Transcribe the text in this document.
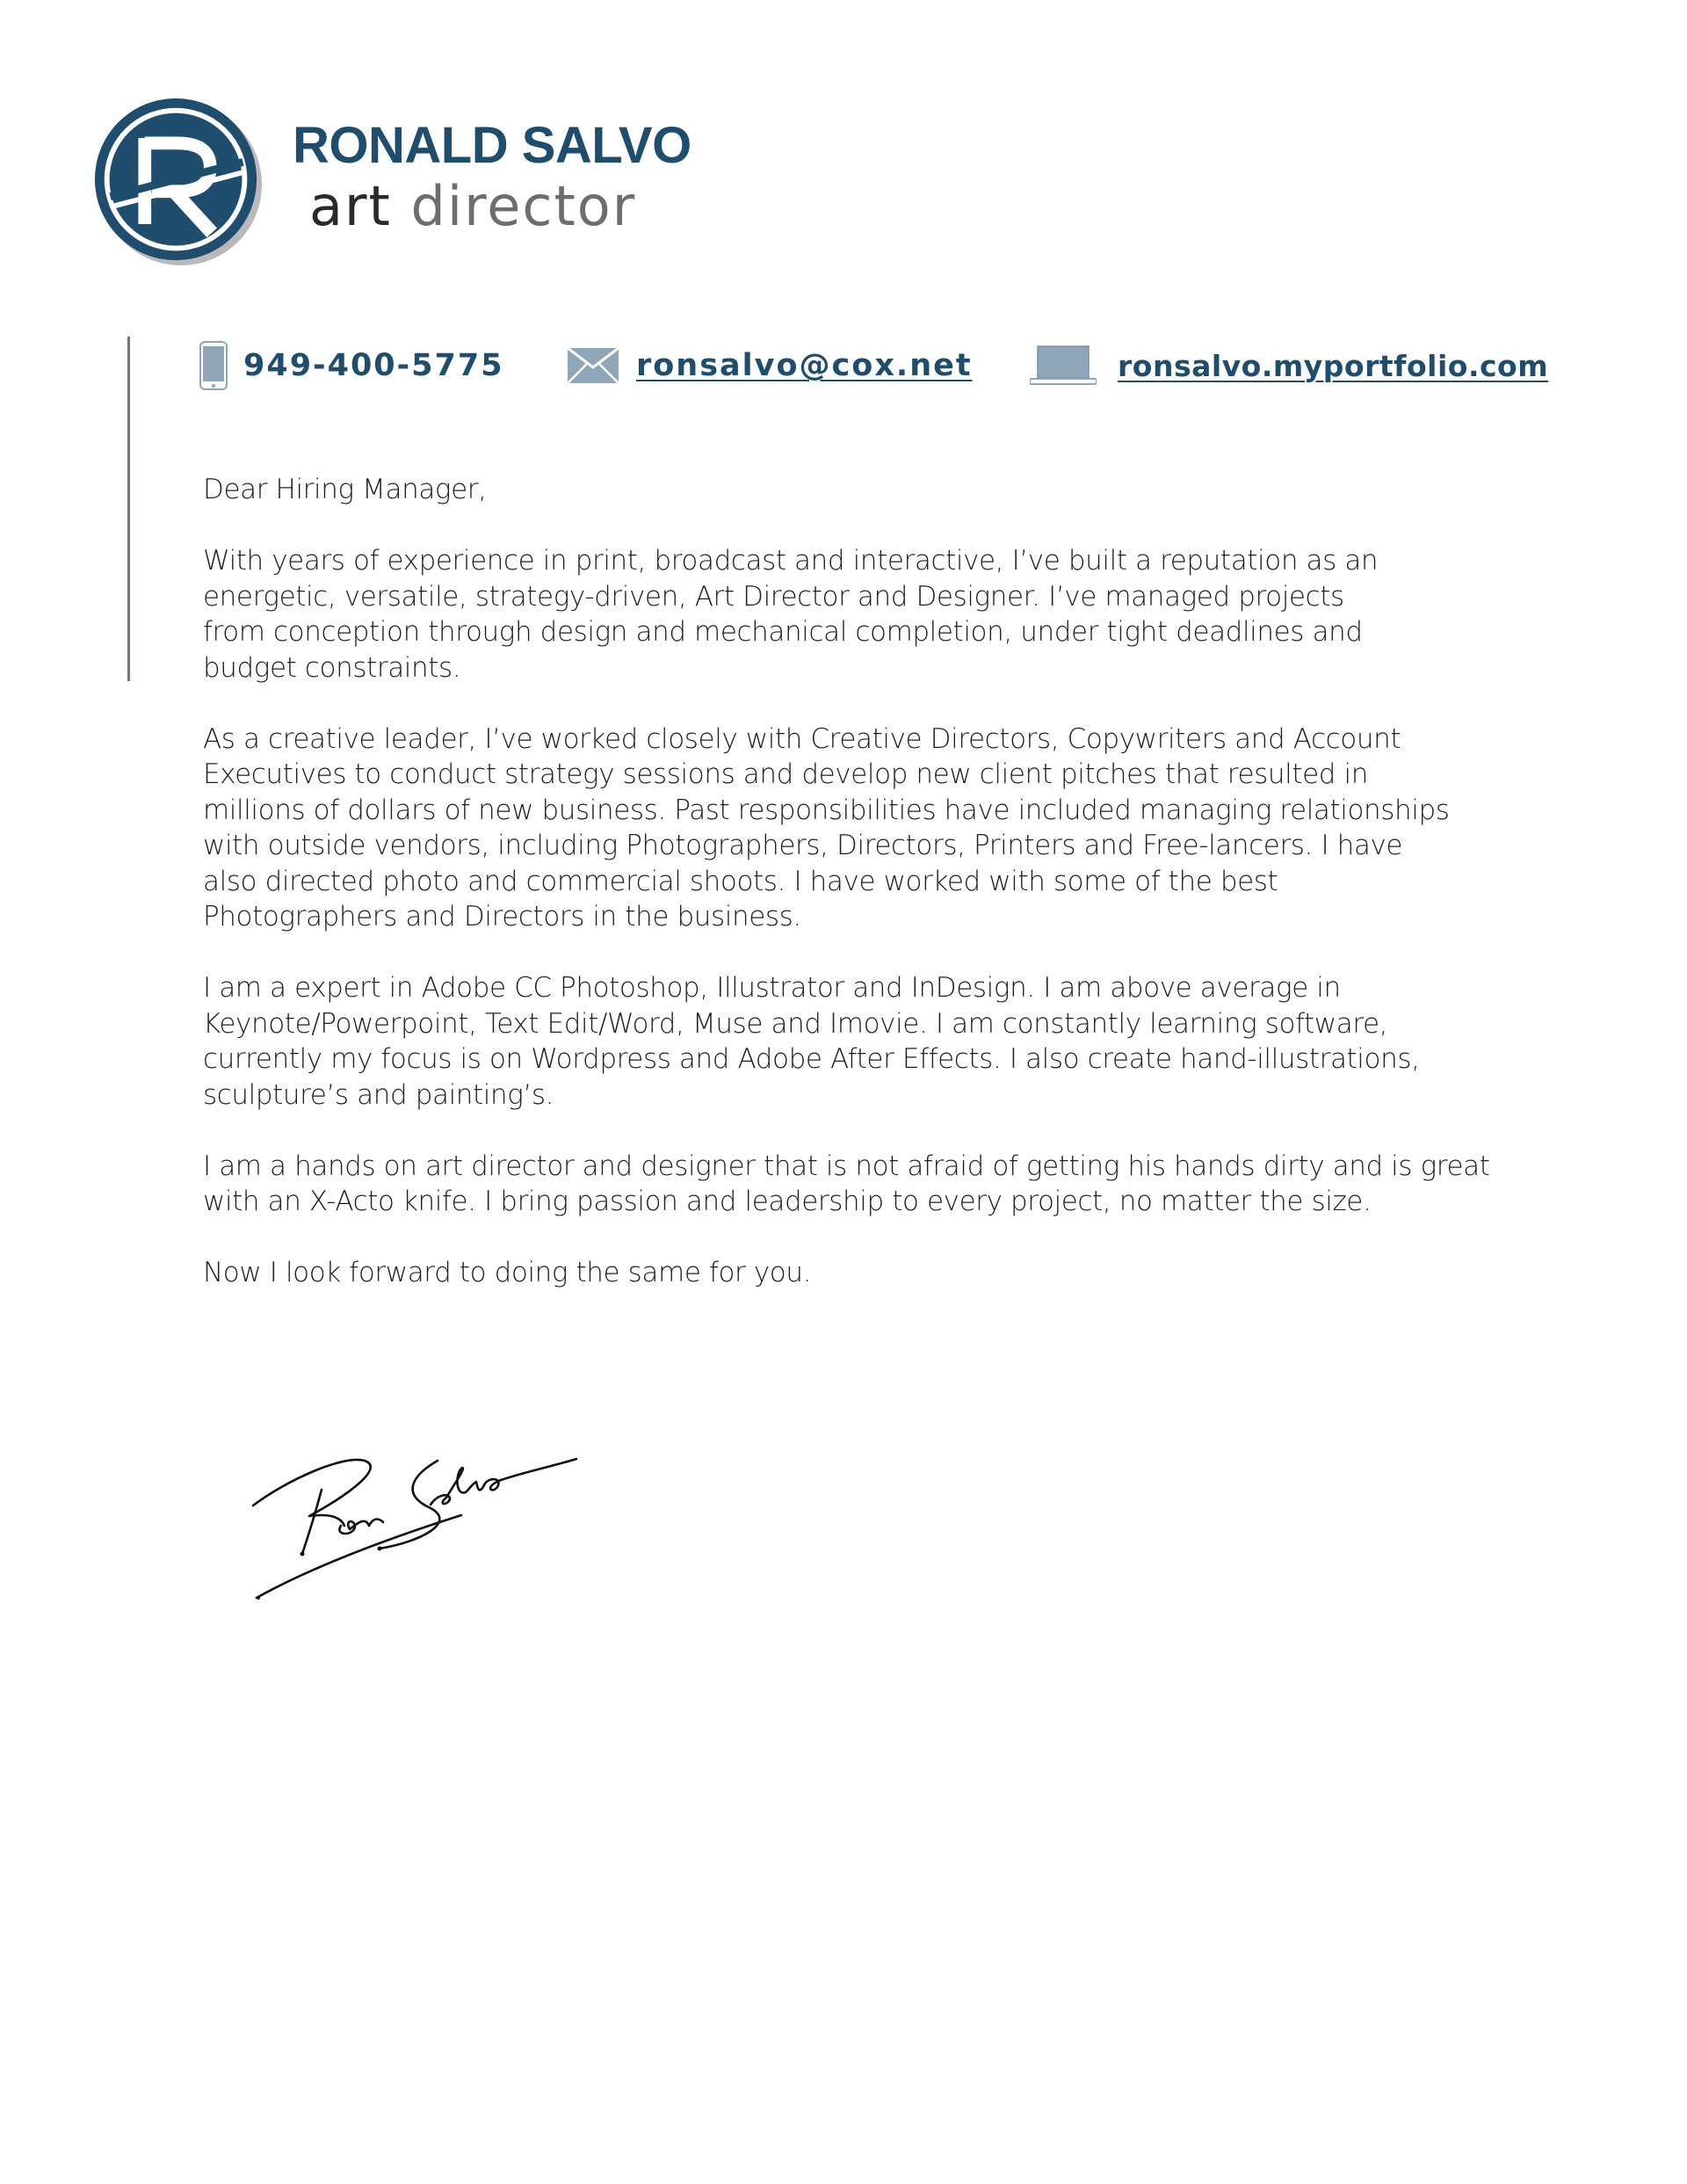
RONALD SALVO
art director
949-400-5775	ronsalvo@cox.net	ronsalvo.myportfolio.com

Dear Hiring Manager,

With years of experience in print, broadcast and interactive, I’ve built a reputation as an
energetic, versatile, strategy-driven, Art Director and Designer. I’ve managed projects
from conception through design and mechanical completion, under tight deadlines and
budget constraints.

As a creative leader, I’ve worked closely with Creative Directors, Copywriters and Account
Executives to conduct strategy sessions and develop new client pitches that resulted in
millions of dollars of new business. Past responsibilities have included managing relationships
with outside vendors, including Photographers, Directors, Printers and Free-lancers. I have
also directed photo and commercial shoots. I have worked with some of the best
Photographers and Directors in the business.

I am a expert in Adobe CC Photoshop, Illustrator and InDesign. I am above average in
Keynote/Powerpoint, Text Edit/Word, Muse and Imovie. I am constantly learning software,
currently my focus is on Wordpress and Adobe After Effects. I also create hand-illustrations,
sculpture’s and painting’s.

I am a hands on art director and designer that is not afraid of getting his hands dirty and is great
with an X-Acto knife. I bring passion and leadership to every project, no matter the size.

Now I look forward to doing the same for you.
